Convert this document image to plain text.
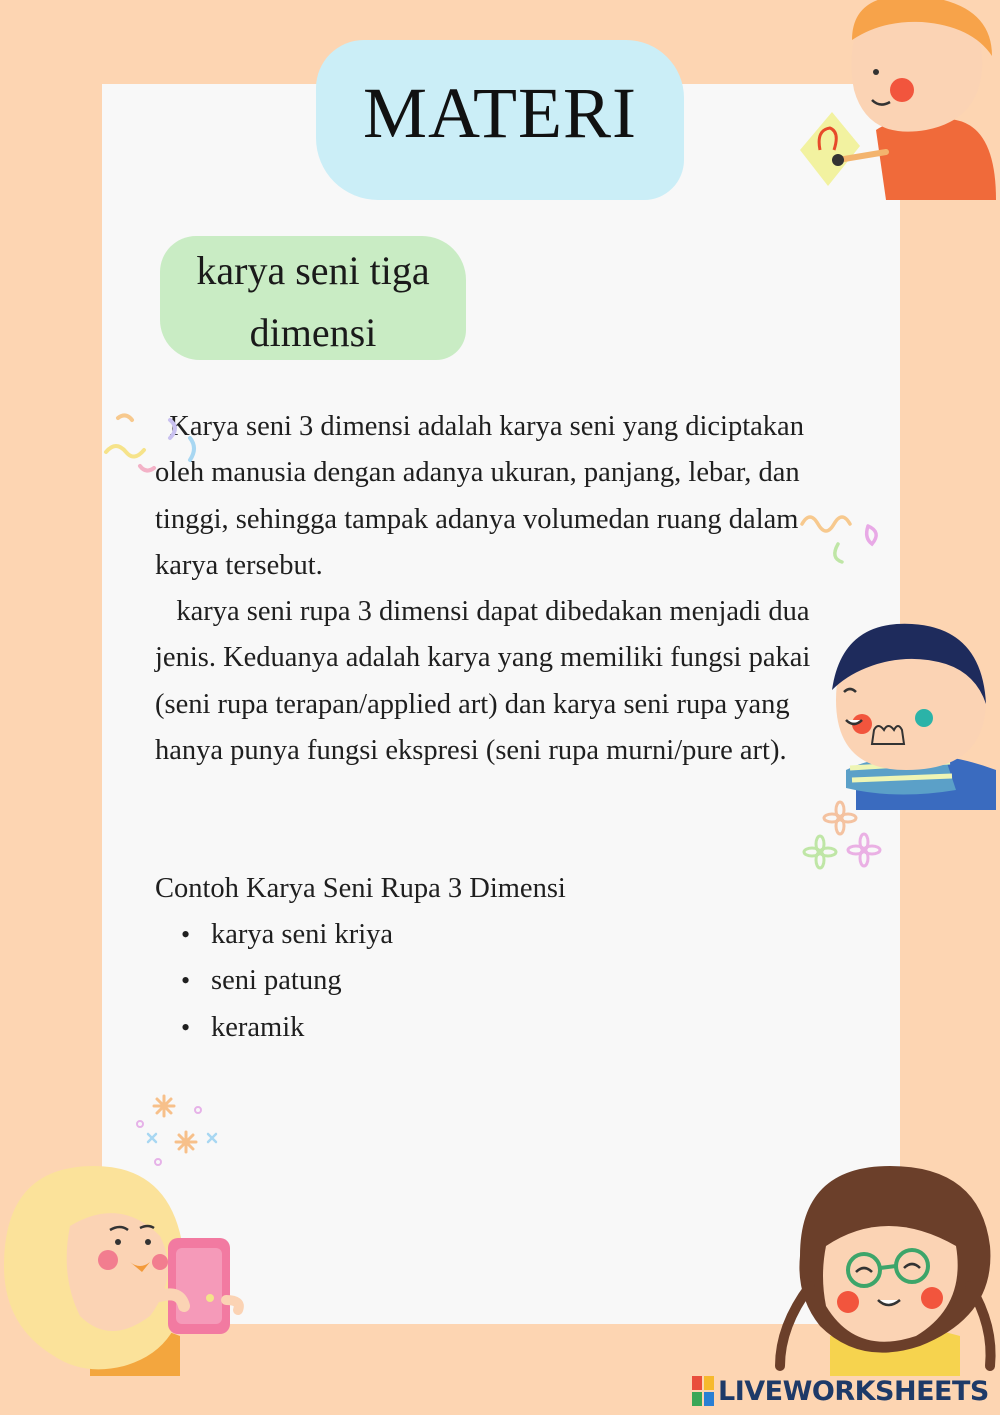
MATERI
karya seni tiga
dimensi

Karya seni 3 dimensi adalah karya seni yang diciptakan oleh manusia dengan adanya ukuran, panjang, lebar, dan tinggi, sehingga tampak adanya volumedan ruang dalam karya tersebut.

karya seni rupa 3 dimensi dapat dibedakan menjadi dua jenis. Keduanya adalah karya yang memiliki fungsi pakai (seni rupa terapan/applied art) dan karya seni rupa yang hanya punya fungsi ekspresi (seni rupa murni/pure art).

Contoh Karya Seni Rupa 3 Dimensi
• karya seni kriya
• seni patung
• keramik
LIVEWORKSHEETS
